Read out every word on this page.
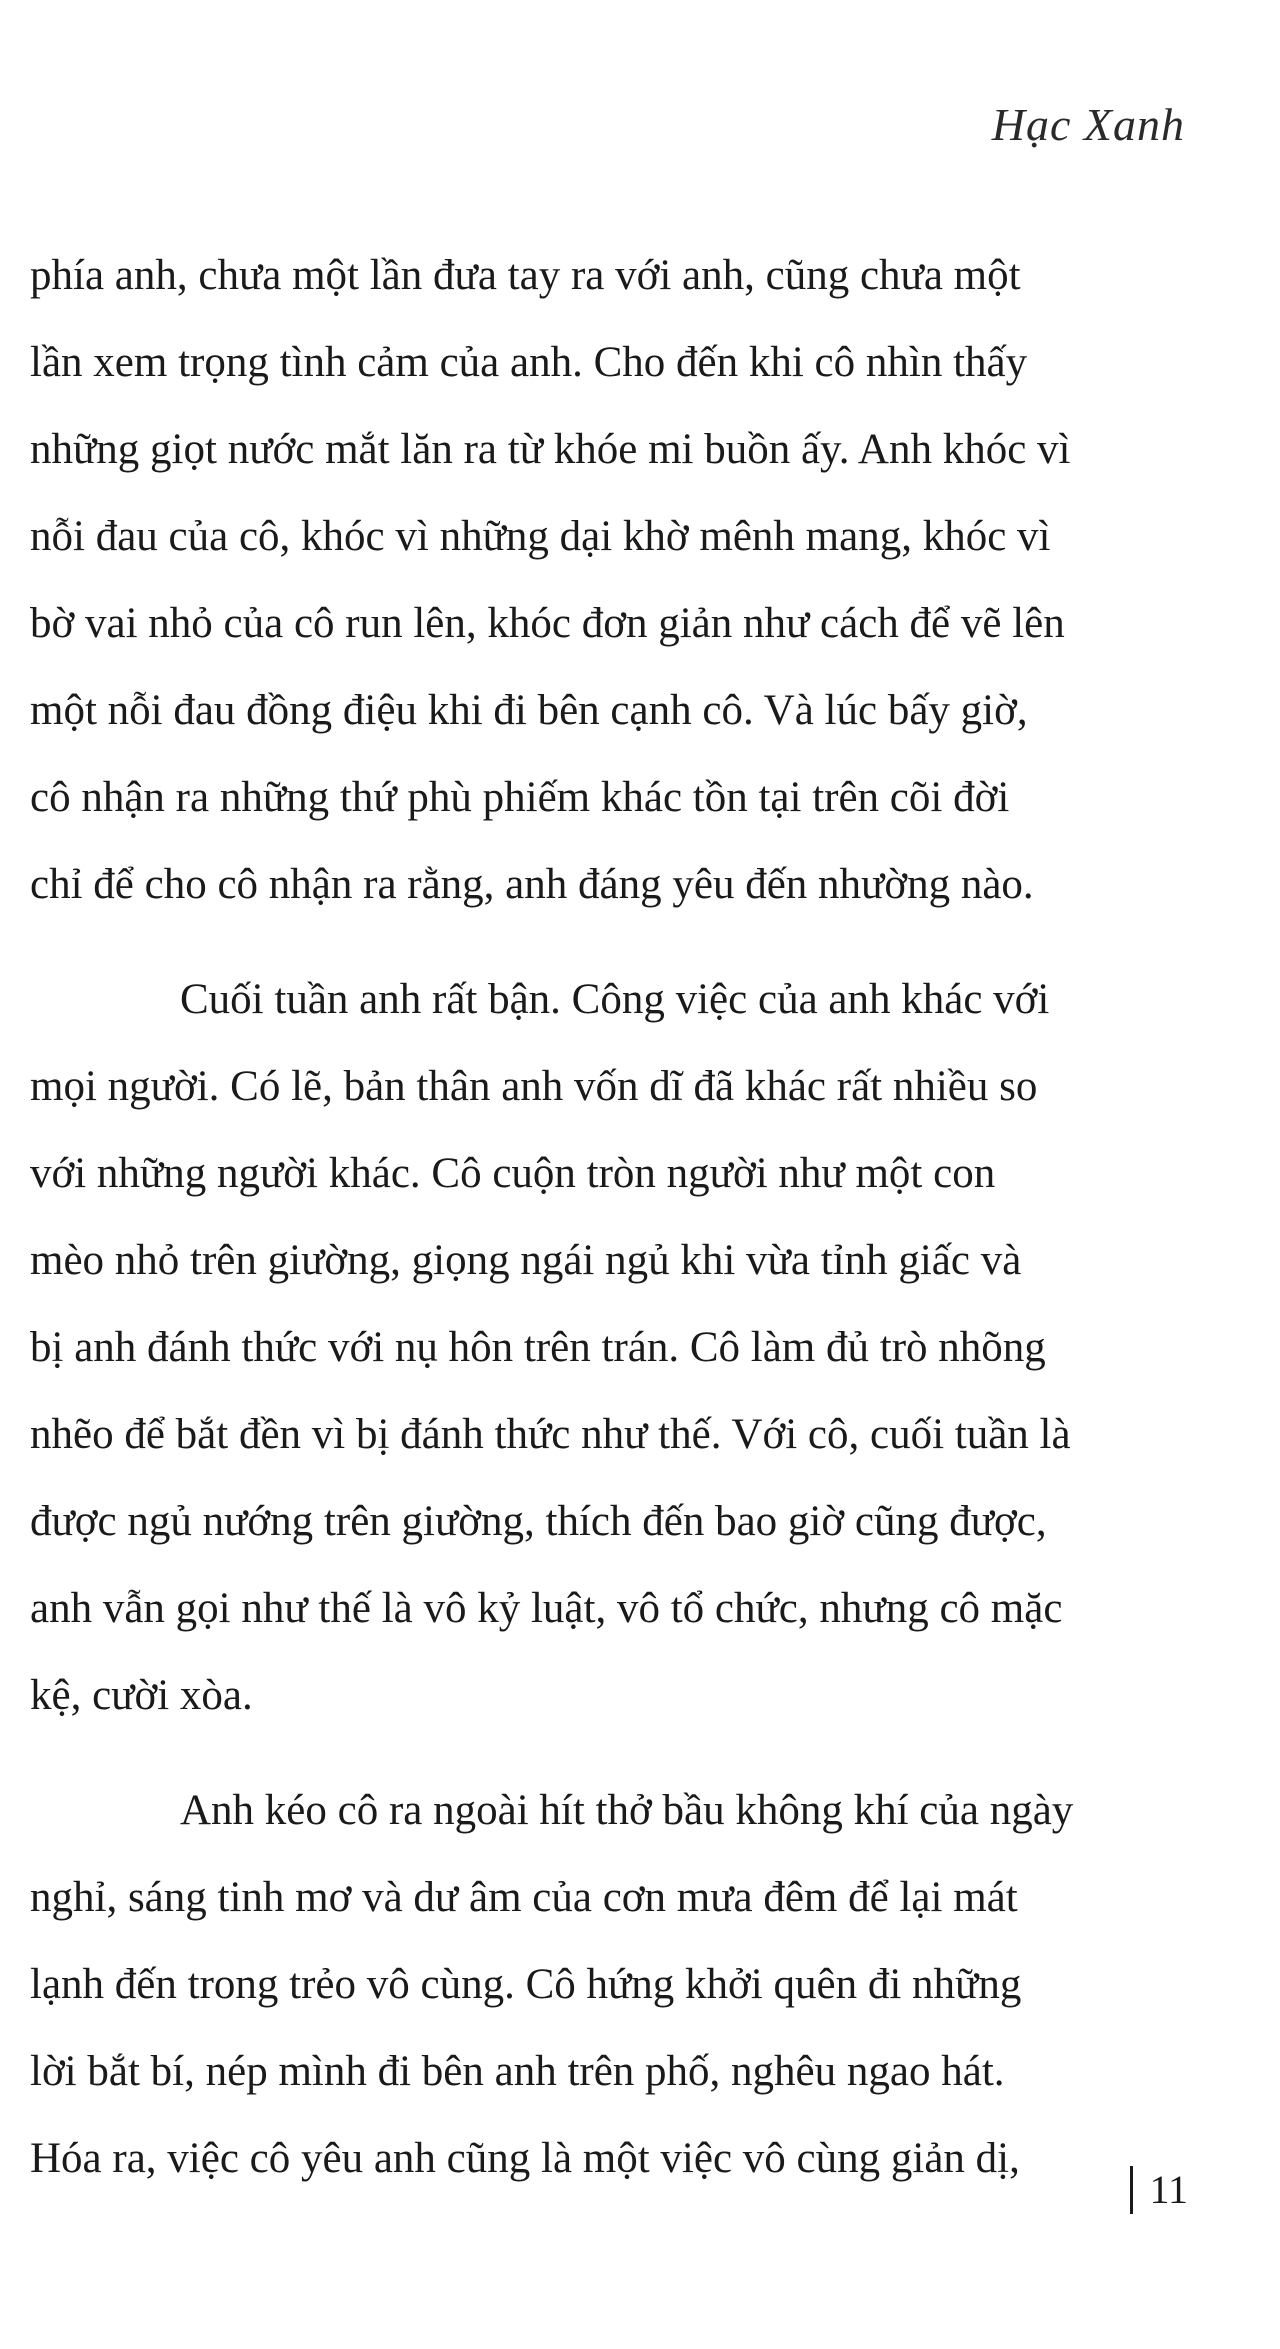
Hạc Xanh
phía anh, chưa một lần đưa tay ra với anh, cũng chưa một
lần xem trọng tình cảm của anh. Cho đến khi cô nhìn thấy
những giọt nước mắt lăn ra từ khóe mi buồn ấy. Anh khóc vì
nỗi đau của cô, khóc vì những dại khờ mênh mang, khóc vì
bờ vai nhỏ của cô run lên, khóc đơn giản như cách để vẽ lên
một nỗi đau đồng điệu khi đi bên cạnh cô. Và lúc bấy giờ,
cô nhận ra những thứ phù phiếm khác tồn tại trên cõi đời
chỉ để cho cô nhận ra rằng, anh đáng yêu đến nhường nào.
Cuối tuần anh rất bận. Công việc của anh khác với
mọi người. Có lẽ, bản thân anh vốn dĩ đã khác rất nhiều so
với những người khác. Cô cuộn tròn người như một con
mèo nhỏ trên giường, giọng ngái ngủ khi vừa tỉnh giấc và
bị anh đánh thức với nụ hôn trên trán. Cô làm đủ trò nhõng
nhẽo để bắt đền vì bị đánh thức như thế. Với cô, cuối tuần là
được ngủ nướng trên giường, thích đến bao giờ cũng được,
anh vẫn gọi như thế là vô kỷ luật, vô tổ chức, nhưng cô mặc
kệ, cười xòa.
Anh kéo cô ra ngoài hít thở bầu không khí của ngày
nghỉ, sáng tinh mơ và dư âm của cơn mưa đêm để lại mát
lạnh đến trong trẻo vô cùng. Cô hứng khởi quên đi những
lời bắt bí, nép mình đi bên anh trên phố, nghêu ngao hát.
Hóa ra, việc cô yêu anh cũng là một việc vô cùng giản dị,
11
